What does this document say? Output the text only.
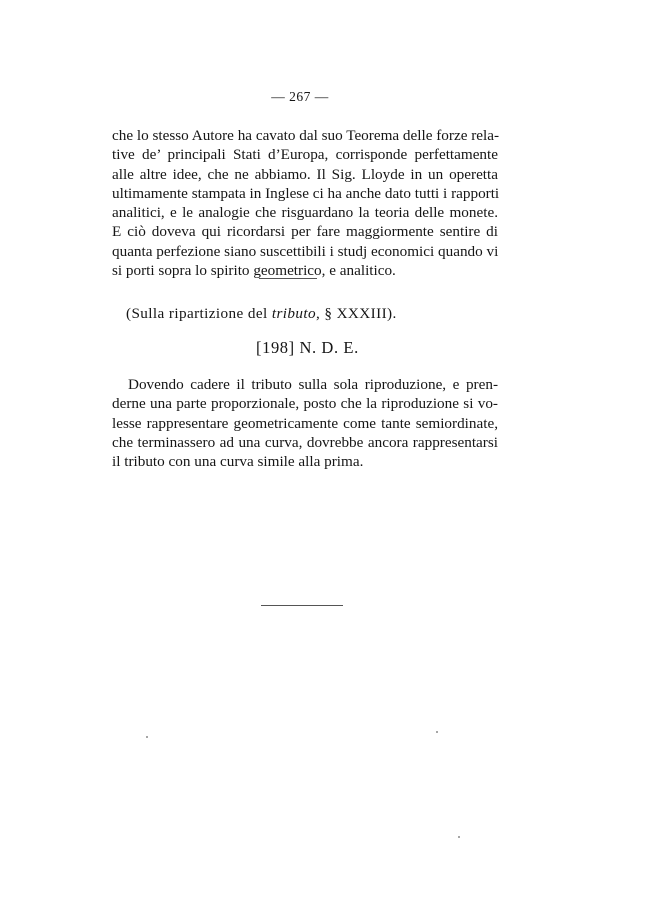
— 267 —
che lo stesso Autore ha cavato dal suo Teorema delle forze rela-
tive de’ principali Stati d’Europa, corrisponde perfettamente
alle altre idee, che ne abbiamo. Il Sig. Lloyde in un operetta
ultimamente stampata in Inglese ci ha anche dato tutti i rapporti
analitici, e le analogie che risguardano la teoria delle monete.
E ciò doveva qui ricordarsi per fare maggiormente sentire di
quanta perfezione siano suscettibili i studj economici quando vi
si porti sopra lo spirito geometrico, e analitico.
(Sulla ripartizione del tributo, § XXXIII).
[198] N. D. E.
Dovendo cadere il tributo sulla sola riproduzione, e pren-
derne una parte proporzionale, posto che la riproduzione si vo-
lesse rappresentare geometricamente come tante semiordinate,
che terminassero ad una curva, dovrebbe ancora rappresentarsi
il tributo con una curva simile alla prima.
